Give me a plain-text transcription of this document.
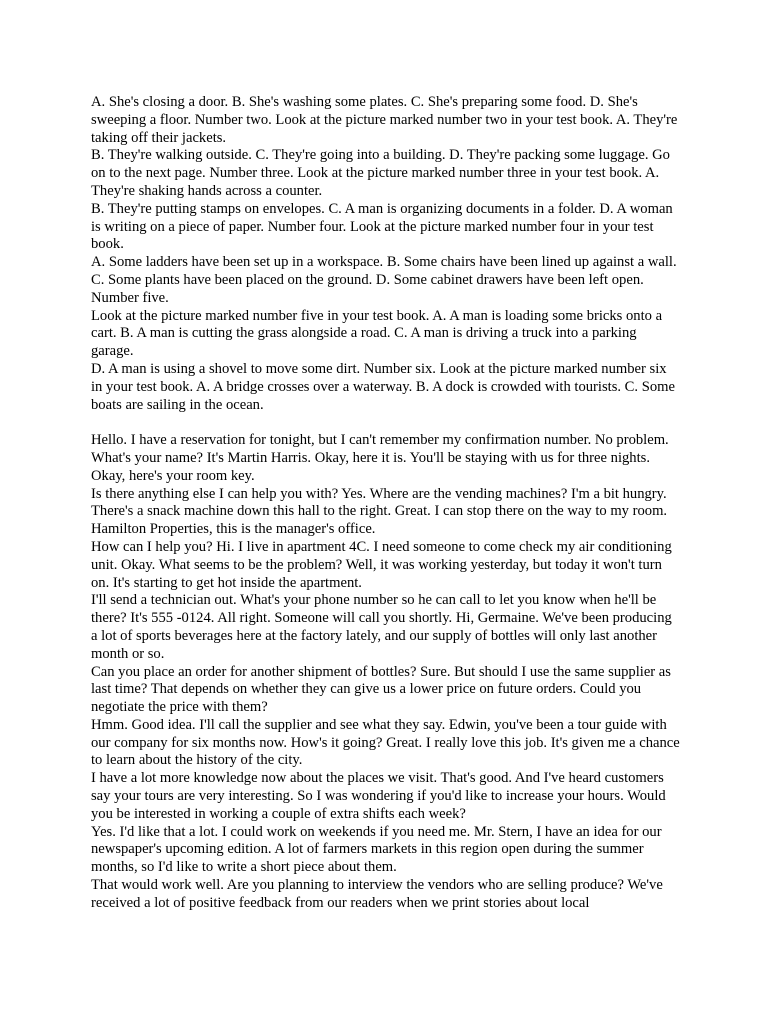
A. She's closing a door. B. She's washing some plates. C. She's preparing some food. D. She's sweeping a floor. Number two. Look at the picture marked number two in your test book. A. They're taking off their jackets.

B. They're walking outside. C. They're going into a building. D. They're packing some luggage. Go on to the next page. Number three. Look at the picture marked number three in your test book. A. They're shaking hands across a counter.

B. They're putting stamps on envelopes. C. A man is organizing documents in a folder. D. A woman is writing on a piece of paper. Number four. Look at the picture marked number four in your test book.

A. Some ladders have been set up in a workspace. B. Some chairs have been lined up against a wall. C. Some plants have been placed on the ground. D. Some cabinet drawers have been left open. Number five.

Look at the picture marked number five in your test book. A. A man is loading some bricks onto a cart. B. A man is cutting the grass alongside a road. C. A man is driving a truck into a parking garage.

D. A man is using a shovel to move some dirt. Number six. Look at the picture marked number six in your test book. A. A bridge crosses over a waterway. B. A dock is crowded with tourists. C. Some boats are sailing in the ocean.

Hello. I have a reservation for tonight, but I can't remember my confirmation number. No problem. What's your name? It's Martin Harris. Okay, here it is. You'll be staying with us for three nights. Okay, here's your room key.

Is there anything else I can help you with? Yes. Where are the vending machines? I'm a bit hungry. There's a snack machine down this hall to the right. Great. I can stop there on the way to my room. Hamilton Properties, this is the manager's office.

How can I help you? Hi. I live in apartment 4C. I need someone to come check my air conditioning unit. Okay. What seems to be the problem? Well, it was working yesterday, but today it won't turn on. It's starting to get hot inside the apartment.

I'll send a technician out. What's your phone number so he can call to let you know when he'll be there? It's 555 -0124. All right. Someone will call you shortly. Hi, Germaine. We've been producing a lot of sports beverages here at the factory lately, and our supply of bottles will only last another month or so.

Can you place an order for another shipment of bottles? Sure. But should I use the same supplier as last time? That depends on whether they can give us a lower price on future orders. Could you negotiate the price with them?

Hmm. Good idea. I'll call the supplier and see what they say. Edwin, you've been a tour guide with our company for six months now. How's it going? Great. I really love this job. It's given me a chance to learn about the history of the city.

I have a lot more knowledge now about the places we visit. That's good. And I've heard customers say your tours are very interesting. So I was wondering if you'd like to increase your hours. Would you be interested in working a couple of extra shifts each week?

Yes. I'd like that a lot. I could work on weekends if you need me. Mr. Stern, I have an idea for our newspaper's upcoming edition. A lot of farmers markets in this region open during the summer months, so I'd like to write a short piece about them.

That would work well. Are you planning to interview the vendors who are selling produce? We've received a lot of positive feedback from our readers when we print stories about local
